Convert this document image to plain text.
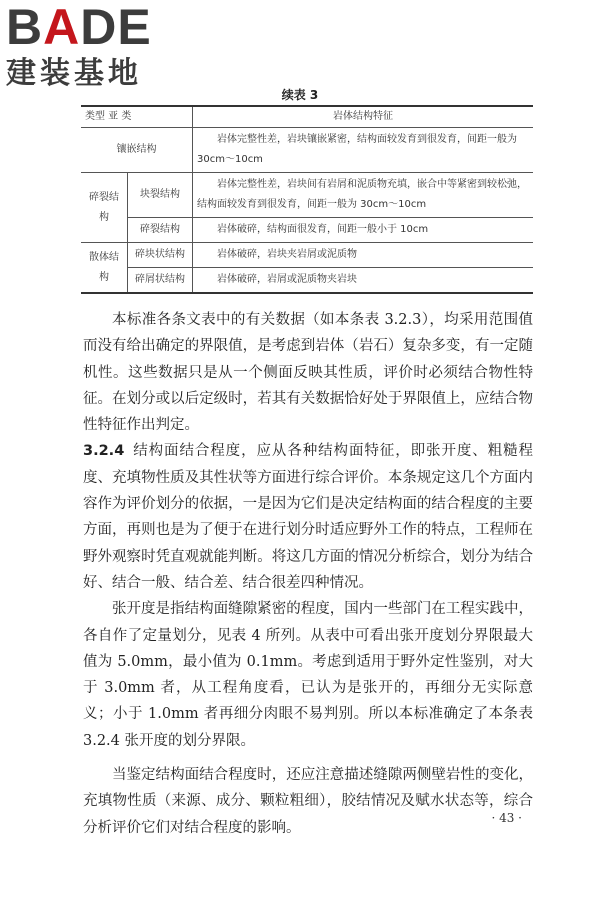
BADE
建装基地
续表 3
类型 亚 类		岩体结构特征
镶嵌结构		岩体完整性差，岩块镶嵌紧密，结构面较发育到很发育，间距一般为 30cm～10cm
碎裂结构	块裂结构	岩体完整性差，岩块间有岩屑和泥质物充填，嵌合中等紧密到较松弛，结构面较发育到很发育，间距一般为 30cm～10cm
	碎裂结构	岩体破碎，结构面很发育，间距一般小于 10cm
散体结构	碎块状结构	岩体破碎，岩块夹岩屑或泥质物
	碎屑状结构	岩体破碎，岩屑或泥质物夹岩块

本标准各条文表中的有关数据（如本条表 3.2.3），均采用范围值而没有给出确定的界限值，是考虑到岩体（岩石）复杂多变，有一定随机性。这些数据只是从一个侧面反映其性质，评价时必须结合物性特征。在划分或以后定级时，若其有关数据恰好处于界限值上，应结合物性特征作出判定。

3.2.4 结构面结合程度，应从各种结构面特征，即张开度、粗糙程度、充填物性质及其性状等方面进行综合评价。本条规定这几个方面内容作为评价划分的依据，一是因为它们是决定结构面的结合程度的主要方面，再则也是为了便于在进行划分时适应野外工作的特点，工程师在野外观察时凭直观就能判断。将这几方面的情况分析综合，划分为结合好、结合一般、结合差、结合很差四种情况。

张开度是指结构面缝隙紧密的程度，国内一些部门在工程实践中，各自作了定量划分，见表 4 所列。从表中可看出张开度划分界限最大值为 5.0mm，最小值为 0.1mm。考虑到适用于野外定性鉴别，对大于 3.0mm 者，从工程角度看，已认为是张开的，再细分无实际意义；小于 1.0mm 者再细分肉眼不易判别。所以本标准确定了本条表 3.2.4 张开度的划分界限。

当鉴定结构面结合程度时，还应注意描述缝隙两侧壁岩性的变化，充填物性质（来源、成分、颗粒粗细），胶结情况及赋水状态等，综合分析评价它们对结合程度的影响。

· 43 ·
